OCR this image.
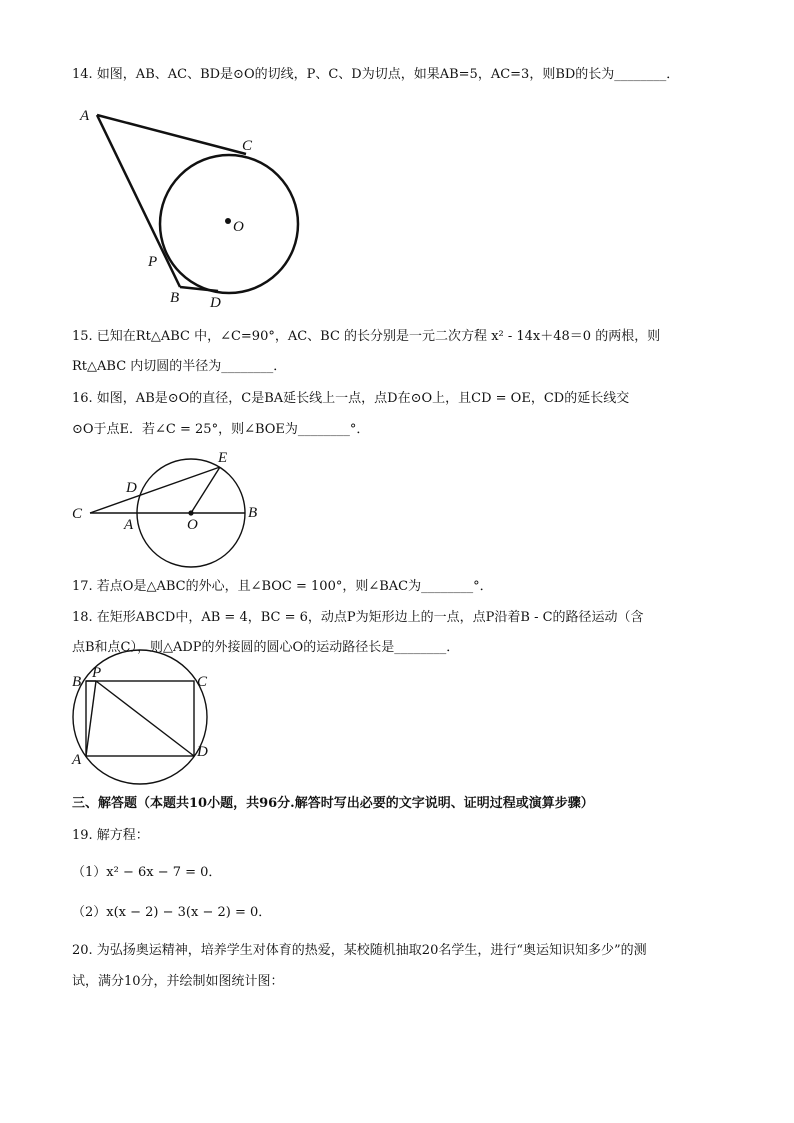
14. 如图，AB、AC、BD是⊙O的切线，P、C、D为切点，如果AB=5，AC=3，则BD的长为________．
A
C
O
P
B D
15. 已知在Rt△ABC 中，∠C=90°，AC、BC 的长分别是一元二次方程 x² - 14x＋48＝0 的两根，则
Rt△ABC 内切圆的半径为________．
16. 如图，AB是⊙O的直径，C是BA延长线上一点，点D在⊙O上，且CD = OE，CD的延长线交
⊙O于点E．若∠C = 25°，则∠BOE为________°．
C
D
E
A	O
B
17. 若点O是△ABC的外心，且∠BOC = 100°，则∠BAC为________°．
18. 在矩形ABCD中，AB = 4，BC = 6，动点P为矩形边上的一点，点P沿着B - C的路径运动（含
点B和点C），则△ADP的外接圆的圆心O的运动路径长是________．
B
P
C
A	D
三、解答题（本题共10小题，共96分.解答时写出必要的文字说明、证明过程或演算步骤）
19. 解方程：
（1）x² − 6x − 7 = 0．
（2）x(x − 2) − 3(x − 2) = 0．
20. 为弘扬奥运精神，培养学生对体育的热爱，某校随机抽取20名学生，进行“奥运知识知多少”的测
试，满分10分，并绘制如图统计图：
